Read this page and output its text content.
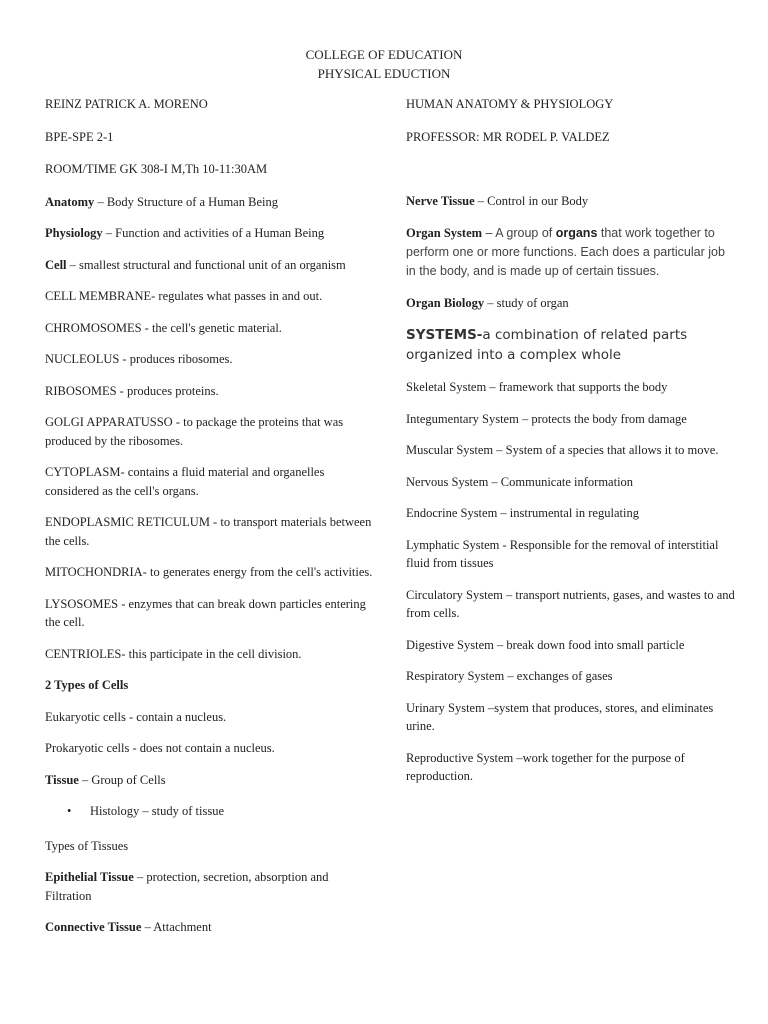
COLLEGE OF EDUCATION
PHYSICAL EDUCTION

REINZ PATRICK A. MORENO

BPE-SPE 2-1

ROOM/TIME GK 308-I M,Th 10-11:30AM

Anatomy – Body Structure of a Human Being

Physiology – Function and activities of a Human Being

Cell – smallest structural and functional unit of an organism

CELL MEMBRANE- regulates what passes in and out.

CHROMOSOMES - the cell's genetic material.

NUCLEOLUS - produces ribosomes.

RIBOSOMES - produces proteins.

GOLGI APPARATUSSO - to package the proteins that was produced by the ribosomes.

CYTOPLASM- contains a fluid material and organelles considered as the cell's organs.

ENDOPLASMIC RETICULUM - to transport materials between the cells.

MITOCHONDRIA- to generates energy from the cell's activities.

LYSOSOMES - enzymes that can break down particles entering the cell.

CENTRIOLES- this participate in the cell division.

2 Types of Cells

Eukaryotic cells - contain a nucleus.

Prokaryotic cells - does not contain a nucleus.

Tissue – Group of Cells

• Histology – study of tissue

Types of Tissues

Epithelial Tissue – protection, secretion, absorption and Filtration

Connective Tissue – Attachment

HUMAN ANATOMY & PHYSIOLOGY

PROFESSOR: MR RODEL P. VALDEZ

Nerve Tissue – Control in our Body

Organ System – A group of organs that work together to perform one or more functions. Each does a particular job in the body, and is made up of certain tissues.

Organ Biology – study of organ

SYSTEMS-a combination of related parts organized into a complex whole

Skeletal System – framework that supports the body

Integumentary System – protects the body from damage

Muscular System – System of a species that allows it to move.

Nervous System – Communicate information

Endocrine System – instrumental in regulating

Lymphatic System - Responsible for the removal of interstitial fluid from tissues

Circulatory System – transport nutrients, gases, and wastes to and from cells.

Digestive System – break down food into small particle

Respiratory System – exchanges of gases

Urinary System –system that produces, stores, and eliminates urine.

Reproductive System –work together for the purpose of reproduction.
